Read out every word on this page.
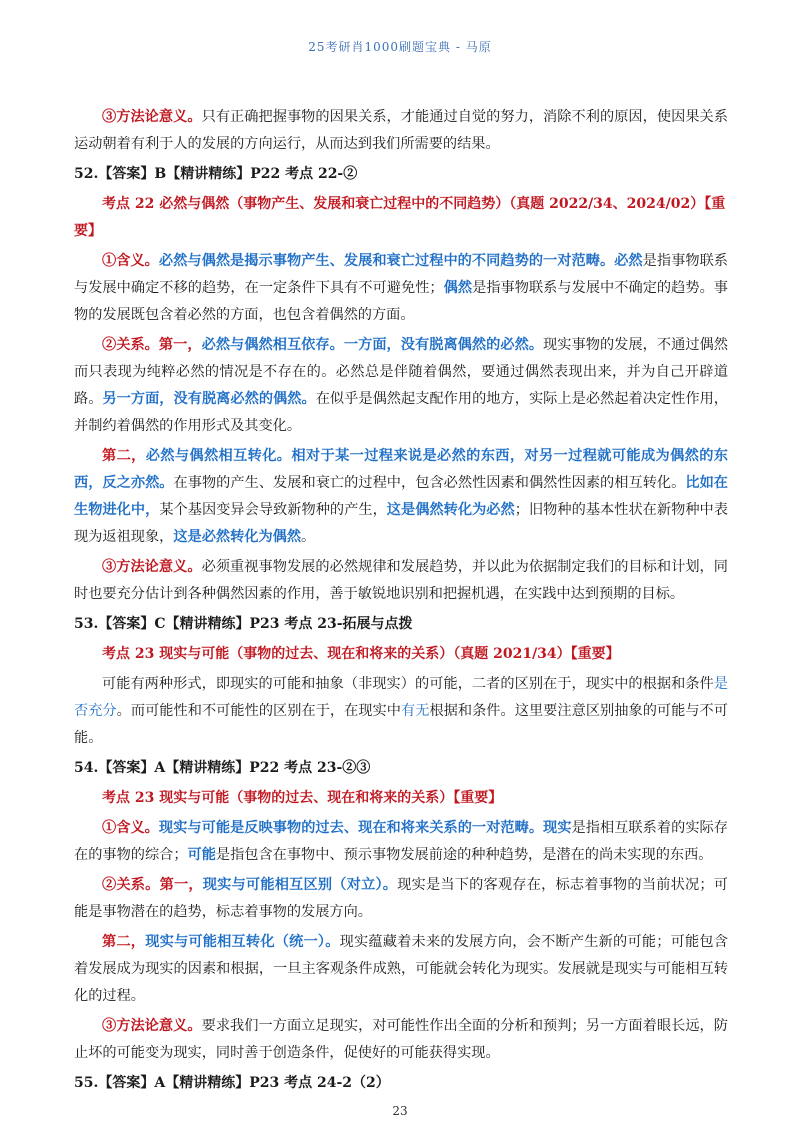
25考研肖1000刷题宝典 - 马原
③方法论意义。只有正确把握事物的因果关系，才能通过自觉的努力，消除不利的原因，使因果关系运动朝着有利于人的发展的方向运行，从而达到我们所需要的结果。
52.【答案】B【精讲精练】P22 考点 22-②
考点 22 必然与偶然（事物产生、发展和衰亡过程中的不同趋势）（真题 2022/34、2024/02）【重要】
①含义。必然与偶然是揭示事物产生、发展和衰亡过程中的不同趋势的一对范畴。必然是指事物联系与发展中确定不移的趋势，在一定条件下具有不可避免性；偶然是指事物联系与发展中不确定的趋势。事物的发展既包含着必然的方面，也包含着偶然的方面。
②关系。第一，必然与偶然相互依存。一方面，没有脱离偶然的必然。现实事物的发展，不通过偶然而只表现为纯粹必然的情况是不存在的。必然总是伴随着偶然，要通过偶然表现出来，并为自己开辟道路。另一方面，没有脱离必然的偶然。在似乎是偶然起支配作用的地方，实际上是必然起着决定性作用，并制约着偶然的作用形式及其变化。
第二，必然与偶然相互转化。相对于某一过程来说是必然的东西，对另一过程就可能成为偶然的东西，反之亦然。在事物的产生、发展和衰亡的过程中，包含必然性因素和偶然性因素的相互转化。比如在生物进化中，某个基因变异会导致新物种的产生，这是偶然转化为必然；旧物种的基本性状在新物种中表现为返祖现象，这是必然转化为偶然。
③方法论意义。必须重视事物发展的必然规律和发展趋势，并以此为依据制定我们的目标和计划，同时也要充分估计到各种偶然因素的作用，善于敏锐地识别和把握机遇，在实践中达到预期的目标。
53.【答案】C【精讲精练】P23 考点 23-拓展与点拨
考点 23 现实与可能（事物的过去、现在和将来的关系）（真题 2021/34）【重要】
可能有两种形式，即现实的可能和抽象（非现实）的可能，二者的区别在于，现实中的根据和条件是否充分。而可能性和不可能性的区别在于，在现实中有无根据和条件。这里要注意区别抽象的可能与不可能。
54.【答案】A【精讲精练】P22 考点 23-②③
考点 23 现实与可能（事物的过去、现在和将来的关系）【重要】
①含义。现实与可能是反映事物的过去、现在和将来关系的一对范畴。现实是指相互联系着的实际存在的事物的综合；可能是指包含在事物中、预示事物发展前途的种种趋势，是潜在的尚未实现的东西。
②关系。第一，现实与可能相互区别（对立）。现实是当下的客观存在，标志着事物的当前状况；可能是事物潜在的趋势，标志着事物的发展方向。
第二，现实与可能相互转化（统一）。现实蕴藏着未来的发展方向，会不断产生新的可能；可能包含着发展成为现实的因素和根据，一旦主客观条件成熟，可能就会转化为现实。发展就是现实与可能相互转化的过程。
③方法论意义。要求我们一方面立足现实，对可能性作出全面的分析和预判；另一方面着眼长远，防止坏的可能变为现实，同时善于创造条件，促使好的可能获得实现。
55.【答案】A【精讲精练】P23 考点 24-2（2）
23
